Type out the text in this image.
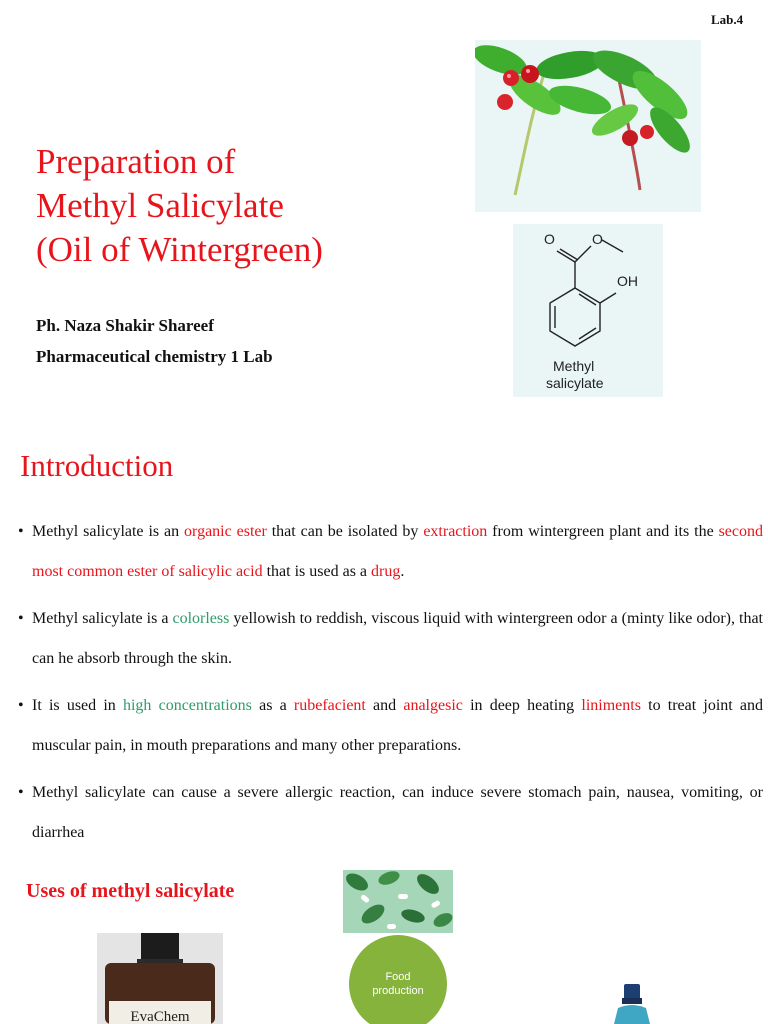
Lab.4
Preparation of
Methyl Salicylate
(Oil of Wintergreen)
Ph. Naza Shakir Shareef
Pharmaceutical chemistry 1 Lab
O	O
OH
Methyl
salicylate
Introduction
• Methyl salicylate is an organic ester that can be isolated by extraction from wintergreen plant and its the second most common ester of salicylic acid that is used as a drug.
• Methyl salicylate is a colorless yellowish to reddish, viscous liquid with wintergreen odor a (minty like odor), that can he absorb through the skin.
• It is used in high concentrations as a rubefacient and analgesic in deep heating liniments to treat joint and muscular pain, in mouth preparations and many other preparations.
• Methyl salicylate can cause a severe allergic reaction, can induce severe stomach pain, nausea, vomiting, or diarrhea
Uses of methyl salicylate
EvaChem
Food production
